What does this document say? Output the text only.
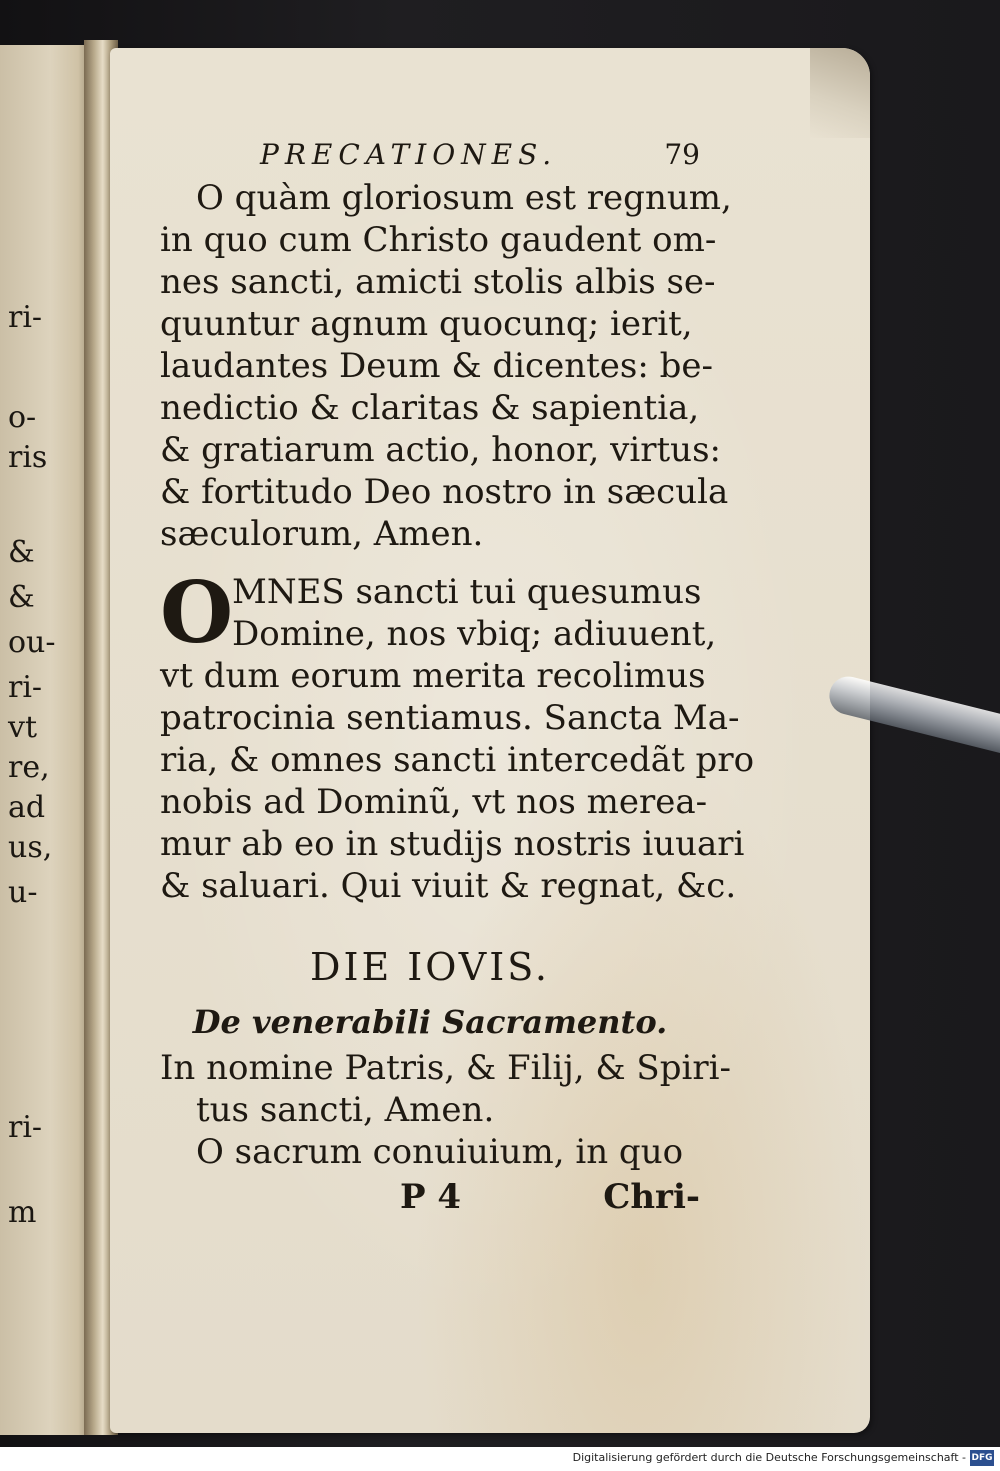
ri-
o-
ris
&
&
ou-
ri-
vt
re,
ad
us,
u-
ri-
m
PRECATIONES.	79

O quàm gloriosum est regnum,
in quo cum Christo gaudent om-
nes sancti, amicti stolis albis se-
quuntur agnum quocunq; ierit,
laudantes Deum & dicentes: be-
nedictio & claritas & sapientia,
& gratiarum actio, honor, virtus:
& fortitudo Deo nostro in sæcula
sæculorum, Amen.

O

MNES sancti tui quesumus
Domine, nos vbiq; adiuuent,
vt dum eorum merita recolimus
patrocinia sentiamus. Sancta Ma-
ria, & omnes sancti intercedãt pro
nobis ad Dominũ, vt nos merea-
mur ab eo in studijs nostris iuuari
& saluari. Qui viuit & regnat, &c.

DIE IOVIS.
De venerabili Sacramento.

In nomine Patris, & Filij, & Spiri-
tus sancti, Amen.
O sacrum conuiuium, in quo

P 4	Chri-
Digitalisierung gefördert durch die Deutsche Forschungsgemeinschaft - DFG
